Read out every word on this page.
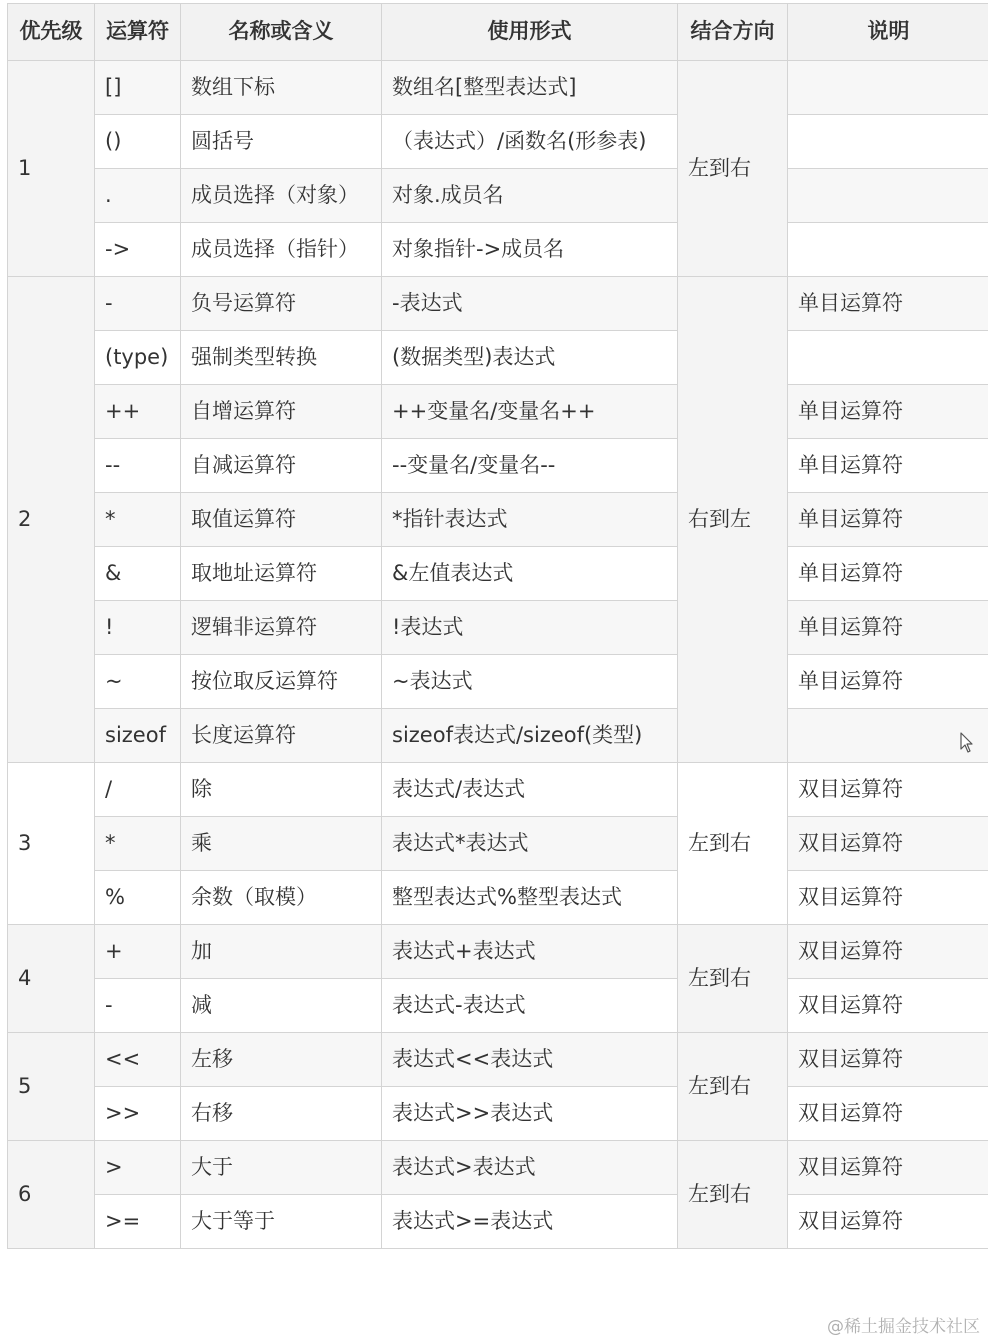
优先级	运算符	名称或含义	使用形式	结合方向	说明
1	[]	数组下标	数组名[整型表达式]	左到右	
	()	圆括号	（表达式）/函数名(形参表)		
	.	成员选择（对象）	对象.成员名		
	->	成员选择（指针）	对象指针->成员名		
2	-	负号运算符	-表达式	右到左	单目运算符
	(type)	强制类型转换	(数据类型)表达式		
	++	自增运算符	++变量名/变量名++		单目运算符
	--	自减运算符	--变量名/变量名--		单目运算符
	*	取值运算符	*指针表达式		单目运算符
	&	取地址运算符	&左值表达式		单目运算符
	!	逻辑非运算符	!表达式		单目运算符
	~	按位取反运算符	~表达式		单目运算符
	sizeof	长度运算符	sizeof表达式/sizeof(类型)		
3	/	除	表达式/表达式	左到右	双目运算符
	*	乘	表达式*表达式		双目运算符
	%	余数（取模）	整型表达式%整型表达式		双目运算符
4	+	加	表达式+表达式	左到右	双目运算符
	-	减	表达式-表达式		双目运算符
5	<<	左移	表达式<<表达式	左到右	双目运算符
	>>	右移	表达式>>表达式		双目运算符
6	>	大于	表达式>表达式	左到右	双目运算符
	>=	大于等于	表达式>=表达式		双目运算符
@稀土掘金技术社区
